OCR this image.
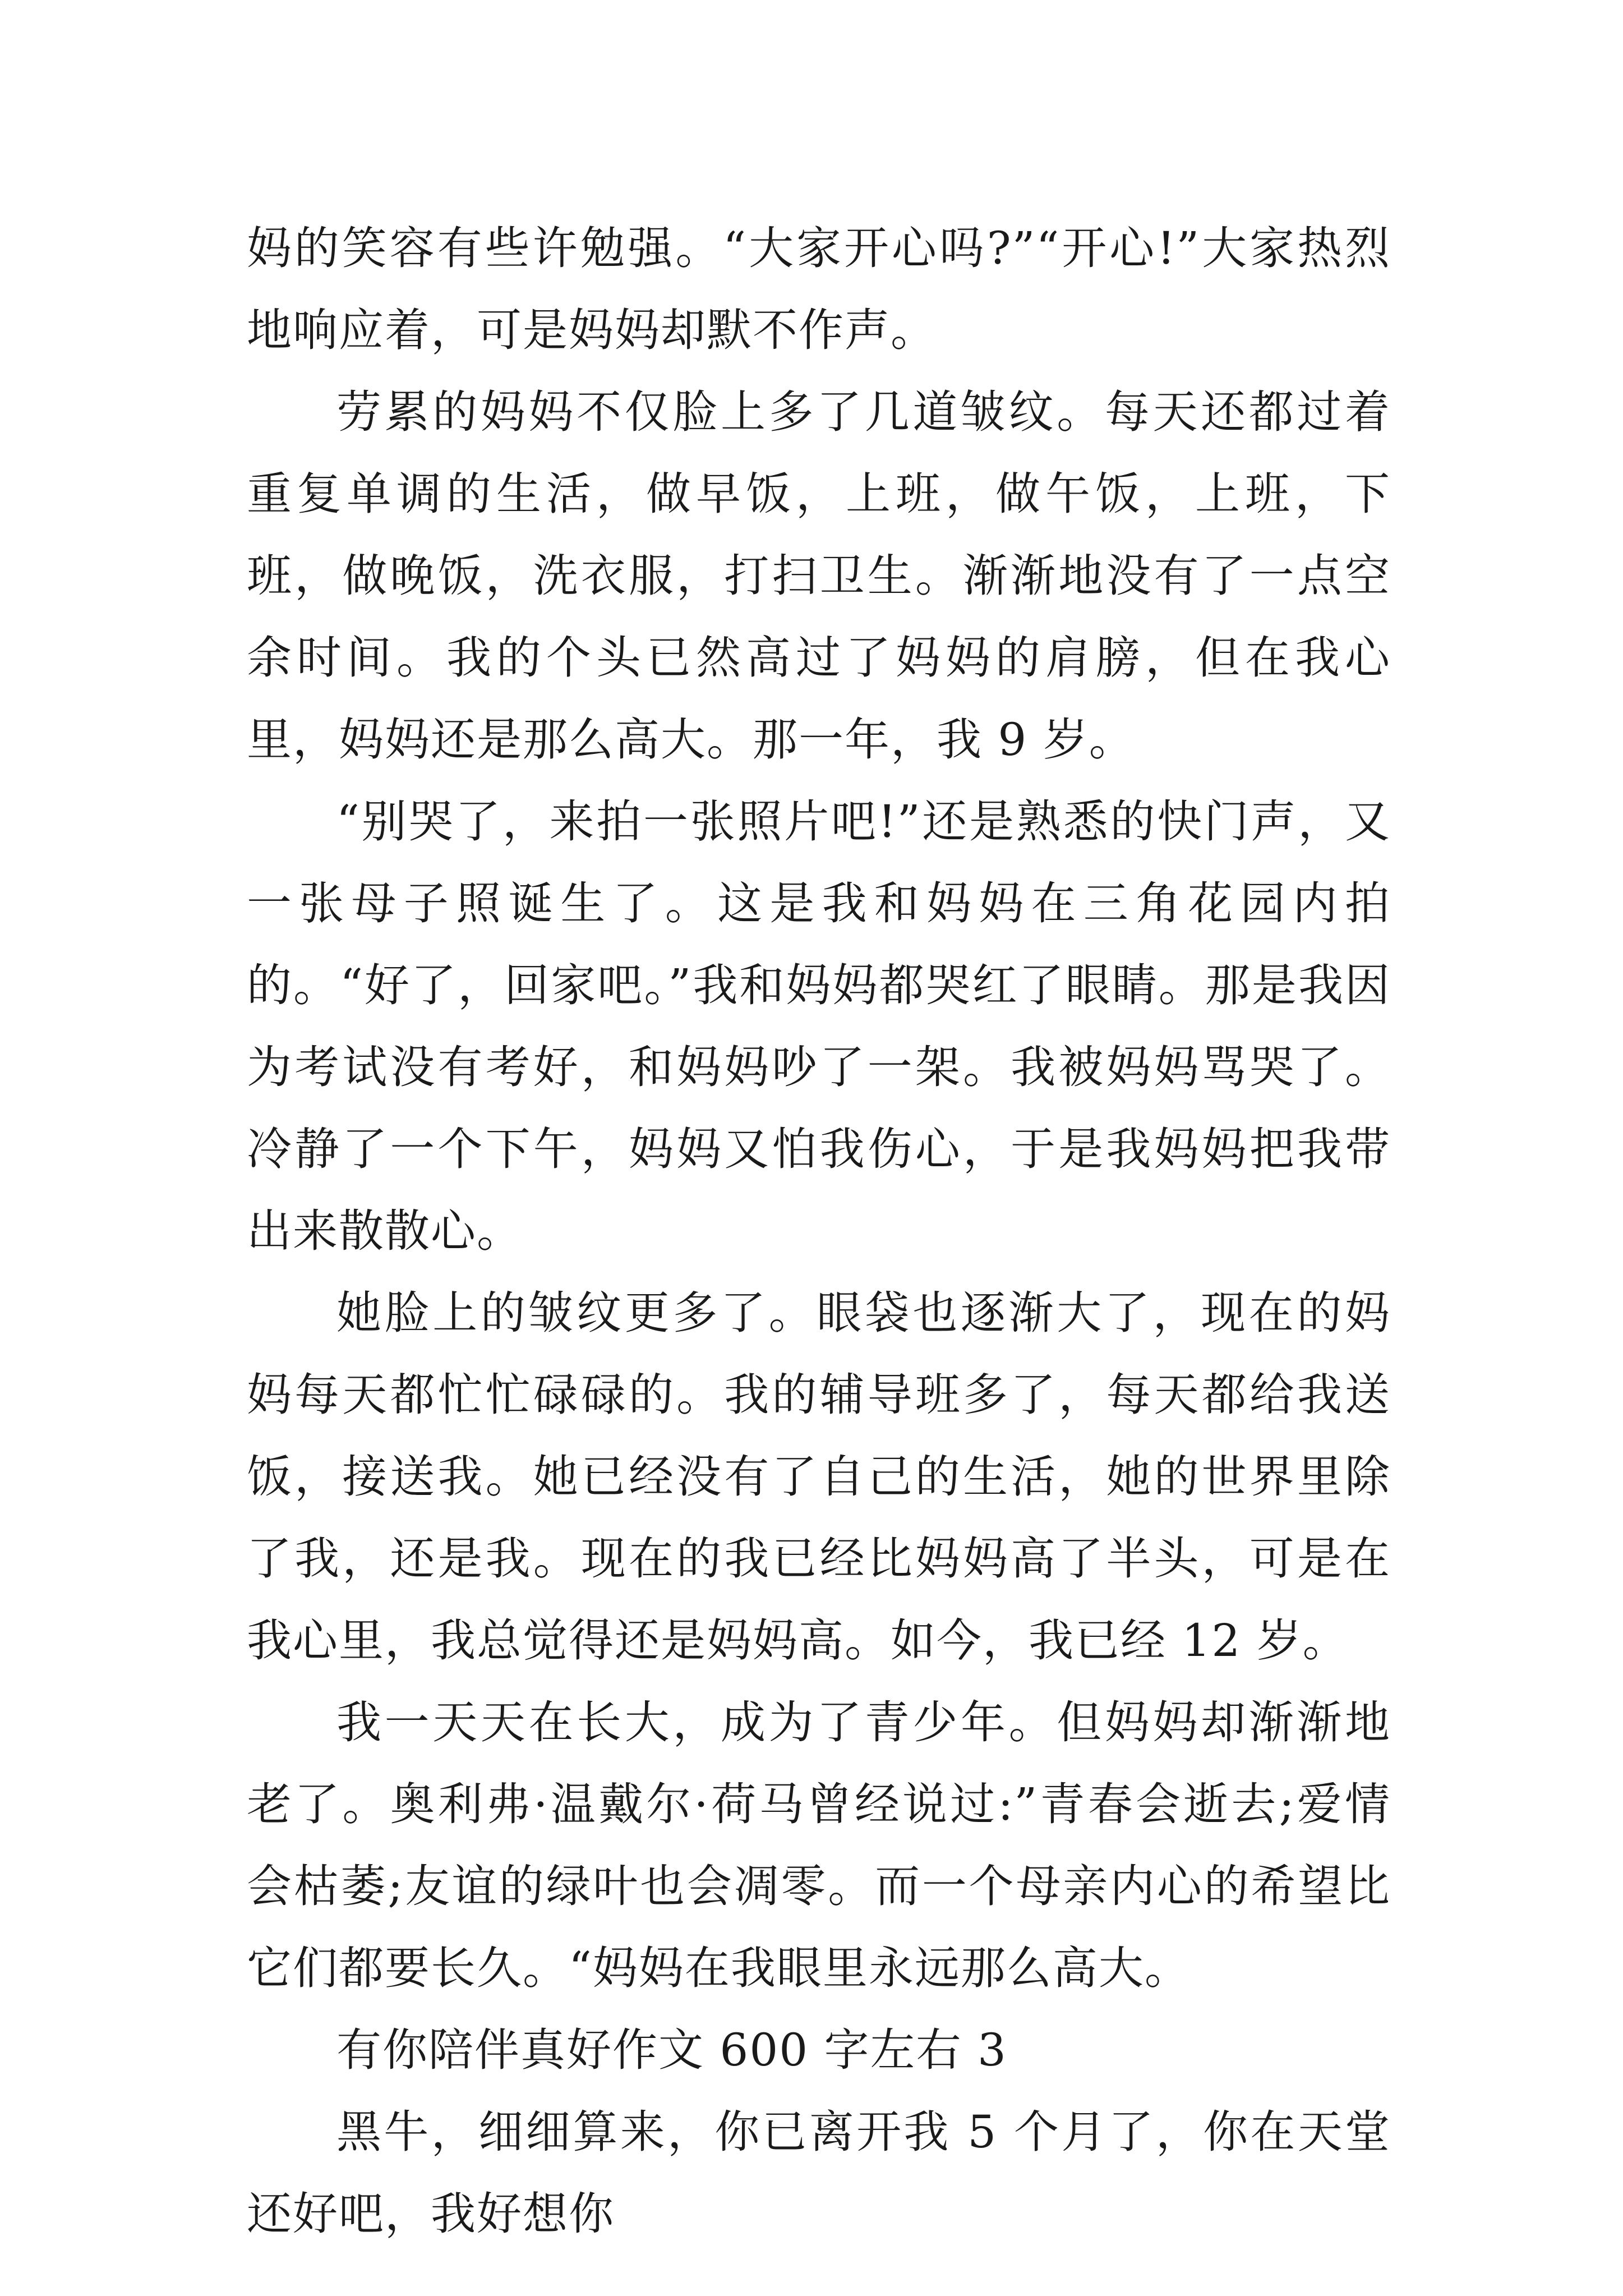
妈的笑容有些许勉强。“大家开心吗?”“开心!”大家热烈地响应着，可是妈妈却默不作声。

劳累的妈妈不仅脸上多了几道皱纹。每天还都过着重复单调的生活，做早饭，上班，做午饭，上班，下班，做晚饭，洗衣服，打扫卫生。渐渐地没有了一点空余时间。我的个头已然高过了妈妈的肩膀，但在我心里，妈妈还是那么高大。那一年，我 9 岁。

“别哭了，来拍一张照片吧!”还是熟悉的快门声，又一张母子照诞生了。这是我和妈妈在三角花园内拍的。“好了，回家吧。”我和妈妈都哭红了眼睛。那是我因为考试没有考好，和妈妈吵了一架。我被妈妈骂哭了。冷静了一个下午，妈妈又怕我伤心，于是我妈妈把我带出来散散心。

她脸上的皱纹更多了。眼袋也逐渐大了，现在的妈妈每天都忙忙碌碌的。我的辅导班多了，每天都给我送饭，接送我。她已经没有了自己的生活，她的世界里除了我，还是我。现在的我已经比妈妈高了半头，可是在我心里，我总觉得还是妈妈高。如今，我已经 12 岁。

我一天天在长大，成为了青少年。但妈妈却渐渐地老了。奥利弗·温戴尔·荷马曾经说过:”青春会逝去;爱情会枯萎;友谊的绿叶也会凋零。而一个母亲内心的希望比它们都要长久。“妈妈在我眼里永远那么高大。

有你陪伴真好作文 600 字左右 3

黑牛，细细算来，你已离开我 5 个月了，你在天堂还好吧，我好想你
